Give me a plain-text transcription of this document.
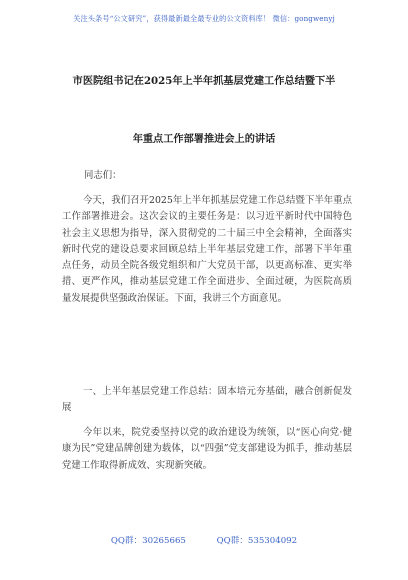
关注头条号“公文研究”，获得最新最全最专业的公文资料库！ 微信：gongwenyj
市医院组书记在2025年上半年抓基层党建工作总结暨下半
年重点工作部署推进会上的讲话
同志们：
今天，我们召开2025年上半年抓基层党建工作总结暨下半年重点工作部署推进会。这次会议的主要任务是：以习近平新时代中国特色社会主义思想为指导，深入贯彻党的二十届三中全会精神，全面落实新时代党的建设总要求回顾总结上半年基层党建工作，部署下半年重点任务，动员全院各级党组织和广大党员干部，以更高标准、更实举措、更严作风，推动基层党建工作全面进步、全面过硬，为医院高质量发展提供坚强政治保证。下面，我讲三个方面意见。
一、上半年基层党建工作总结：固本培元夯基础，融合创新促发展
今年以来，院党委坚持以党的政治建设为统领，以“医心向党·健康为民”党建品牌创建为载体，以“四强”党支部建设为抓手，推动基层党建工作取得新成效、实现新突破。
QQ群：30265665	QQ群：535304092
